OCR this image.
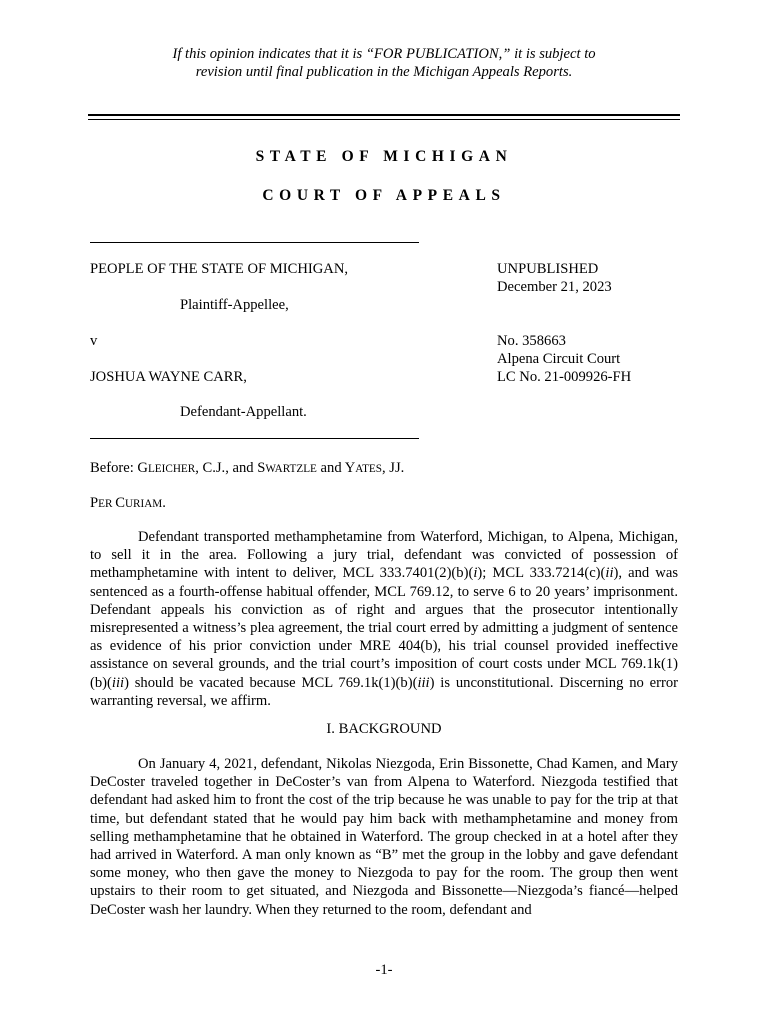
If this opinion indicates that it is “FOR PUBLICATION,” it is subject to
revision until final publication in the Michigan Appeals Reports.
STATE OF MICHIGAN
COURT OF APPEALS
PEOPLE OF THE STATE OF MICHIGAN,
Plaintiff-Appellee,
v
JOSHUA WAYNE CARR,
Defendant-Appellant.
UNPUBLISHED
December 21, 2023
No. 358663
Alpena Circuit Court
LC No. 21-009926-FH
Before: GLEICHER, C.J., and SWARTZLE and YATES, JJ.
PER CURIAM.
Defendant transported methamphetamine from Waterford, Michigan, to Alpena, Michigan, to sell it in the area. Following a jury trial, defendant was convicted of possession of methamphetamine with intent to deliver, MCL 333.7401(2)(b)(i); MCL 333.7214(c)(ii), and was sentenced as a fourth-offense habitual offender, MCL 769.12, to serve 6 to 20 years’ imprisonment. Defendant appeals his conviction as of right and argues that the prosecutor intentionally misrepresented a witness’s plea agreement, the trial court erred by admitting a judgment of sentence as evidence of his prior conviction under MRE 404(b), his trial counsel provided ineffective assistance on several grounds, and the trial court’s imposition of court costs under MCL 769.1k(1)(b)(iii) should be vacated because MCL 769.1k(1)(b)(iii) is unconstitutional. Discerning no error warranting reversal, we affirm.
I. BACKGROUND
On January 4, 2021, defendant, Nikolas Niezgoda, Erin Bissonette, Chad Kamen, and Mary DeCoster traveled together in DeCoster’s van from Alpena to Waterford. Niezgoda testified that defendant had asked him to front the cost of the trip because he was unable to pay for the trip at that time, but defendant stated that he would pay him back with methamphetamine and money from selling methamphetamine that he obtained in Waterford. The group checked in at a hotel after they had arrived in Waterford. A man only known as “B” met the group in the lobby and gave defendant some money, who then gave the money to Niezgoda to pay for the room. The group then went upstairs to their room to get situated, and Niezgoda and Bissonette—Niezgoda’s fiancé—helped DeCoster wash her laundry. When they returned to the room, defendant and
-1-
